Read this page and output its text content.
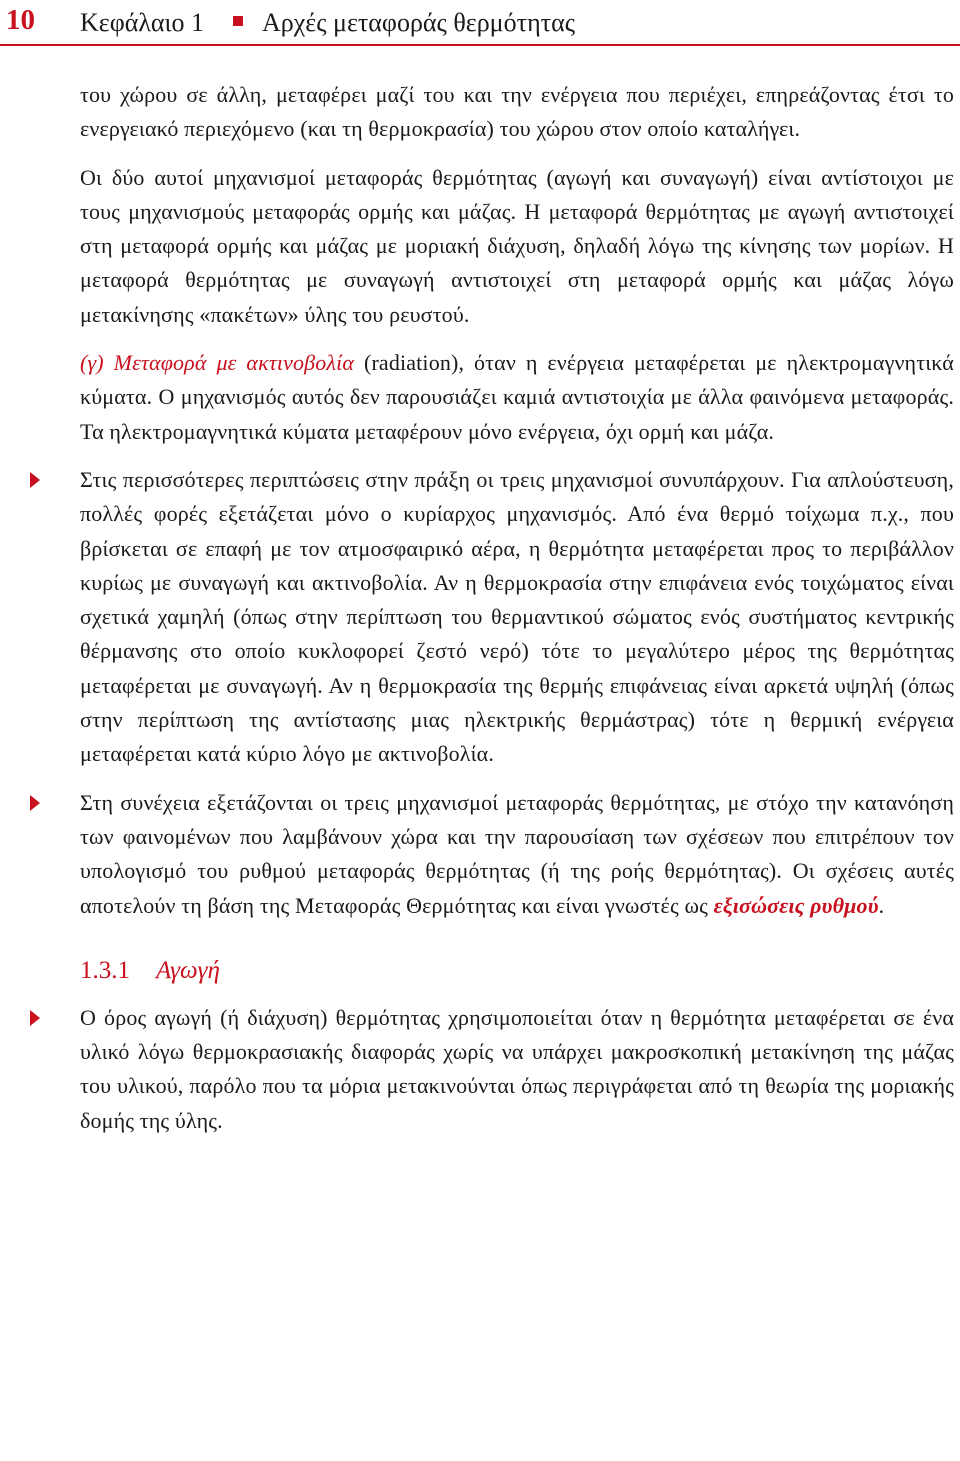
10 Κεφάλαιο 1 Αρχές μεταφοράς θερμότητας

του χώρου σε άλλη, μεταφέρει μαζί του και την ενέργεια που περιέχει, επηρεάζοντας έτσι το ενεργειακό περιεχόμενο (και τη θερμοκρασία) του χώρου στον οποίο καταλήγει.

Οι δύο αυτοί μηχανισμοί μεταφοράς θερμότητας (αγωγή και συναγωγή) είναι αντίστοιχοι με τους μηχανισμούς μεταφοράς ορμής και μάζας. Η μεταφορά θερμότητας με αγωγή αντιστοιχεί στη μεταφορά ορμής και μάζας με μοριακή διάχυση, δηλαδή λόγω της κίνησης των μορίων. Η μεταφορά θερμότητας με συναγωγή αντιστοιχεί στη μεταφορά ορμής και μάζας λόγω μετακίνησης «πακέτων» ύλης του ρευστού.

(γ) Μεταφορά με ακτινοβολία (radiation), όταν η ενέργεια μεταφέρεται με ηλεκτρομαγνητικά κύματα. Ο μηχανισμός αυτός δεν παρουσιάζει καμιά αντιστοιχία με άλλα φαινόμενα μεταφοράς. Τα ηλεκτρομαγνητικά κύματα μεταφέρουν μόνο ενέργεια, όχι ορμή και μάζα.

Στις περισσότερες περιπτώσεις στην πράξη οι τρεις μηχανισμοί συνυπάρχουν. Για απλούστευση, πολλές φορές εξετάζεται μόνο ο κυρίαρχος μηχανισμός. Από ένα θερμό τοίχωμα π.χ., που βρίσκεται σε επαφή με τον ατμοσφαιρικό αέρα, η θερμότητα μεταφέρεται προς το περιβάλλον κυρίως με συναγωγή και ακτινοβολία. Αν η θερμοκρασία στην επιφάνεια ενός τοιχώματος είναι σχετικά χαμηλή (όπως στην περίπτωση του θερμαντικού σώματος ενός συστήματος κεντρικής θέρμανσης στο οποίο κυκλοφορεί ζεστό νερό) τότε το μεγαλύτερο μέρος της θερμότητας μεταφέρεται με συναγωγή. Αν η θερμοκρασία της θερμής επιφάνειας είναι αρκετά υψηλή (όπως στην περίπτωση της αντίστασης μιας ηλεκτρικής θερμάστρας) τότε η θερμική ενέργεια μεταφέρεται κατά κύριο λόγο με ακτινοβολία.

Στη συνέχεια εξετάζονται οι τρεις μηχανισμοί μεταφοράς θερμότητας, με στόχο την κατανόηση των φαινομένων που λαμβάνουν χώρα και την παρουσίαση των σχέσεων που επιτρέπουν τον υπολογισμό του ρυθμού μεταφοράς θερμότητας (ή της ροής θερμότητας). Οι σχέσεις αυτές αποτελούν τη βάση της Μεταφοράς Θερμότητας και είναι γνωστές ως εξισώσεις ρυθμού.

1.3.1 Αγωγή

Ο όρος αγωγή (ή διάχυση) θερμότητας χρησιμοποιείται όταν η θερμότητα μεταφέρεται σε ένα υλικό λόγω θερμοκρασιακής διαφοράς χωρίς να υπάρχει μακροσκοπική μετακίνηση της μάζας του υλικού, παρόλο που τα μόρια μετακινούνται όπως περιγράφεται από τη θεωρία της μοριακής δομής της ύλης.
